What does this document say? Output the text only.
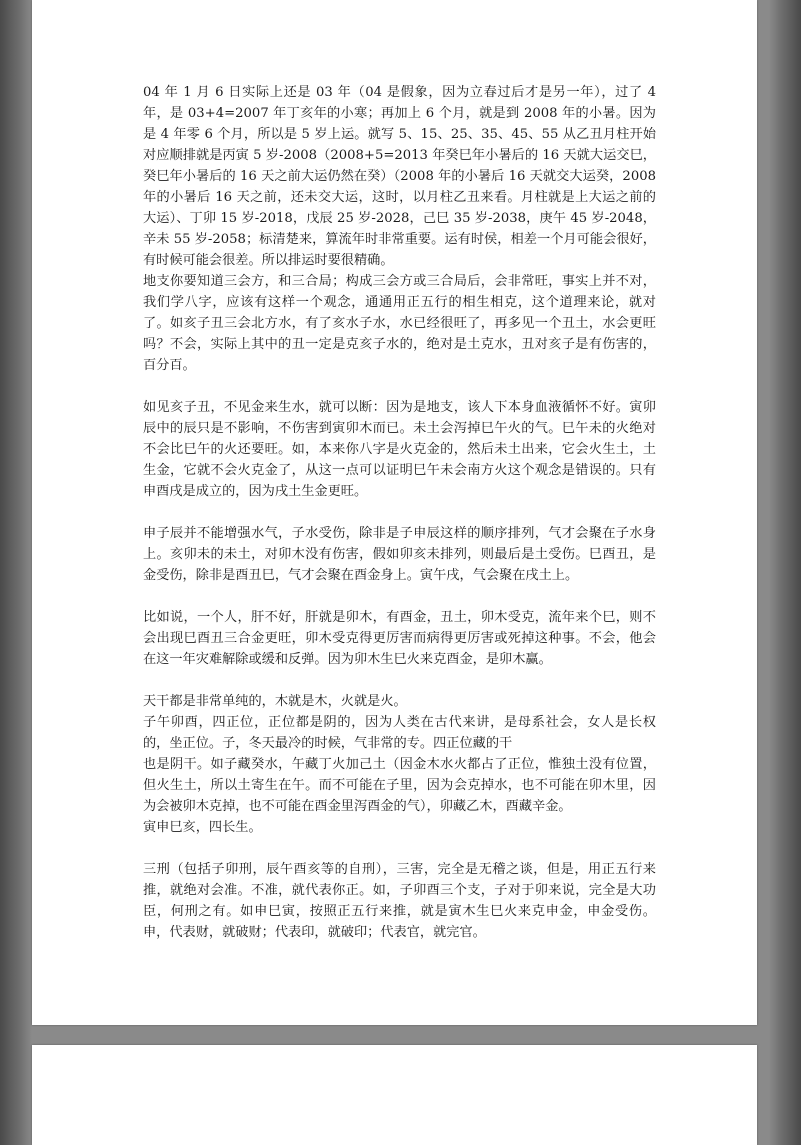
04 年 1 月 6 日实际上还是 03 年（04 是假象，因为立春过后才是另一年），过了 4 年，是 03+4=2007 年丁亥年的小寒；再加上 6 个月，就是到 2008 年的小暑。因为是 4 年零 6 个月，所以是 5 岁上运。就写 5、15、25、35、45、55 从乙丑月柱开始对应顺排就是丙寅 5 岁-2008（2008+5=2013 年癸巳年小暑后的 16 天就大运交巳，癸巳年小暑后的 16 天之前大运仍然在癸）（2008 年的小暑后 16 天就交大运癸，2008 年的小暑后 16 天之前，还未交大运，这时，以月柱乙丑来看。月柱就是上大运之前的大运）、丁卯 15 岁-2018，戊辰 25 岁-2028，己巳 35 岁-2038，庚午 45 岁-2048，辛未 55 岁-2058；标清楚来，算流年时非常重要。运有时侯，相差一个月可能会很好，有时候可能会很差。所以排运时要很精确。

地支你要知道三会方，和三合局；构成三会方或三合局后，会非常旺，事实上并不对，我们学八字，应该有这样一个观念，通通用正五行的相生相克，这个道理来论，就对了。如亥子丑三会北方水，有了亥水子水，水已经很旺了，再多见一个丑土，水会更旺吗？不会，实际上其中的丑一定是克亥子水的，绝对是土克水，丑对亥子是有伤害的，百分百。

如见亥子丑，不见金来生水，就可以断：因为是地支，该人下本身血液循怀不好。寅卯辰中的辰只是不影响，不伤害到寅卯木而已。未土会泻掉巳午火的气。巳午未的火绝对不会比巳午的火还要旺。如，本来你八字是火克金的，然后未土出来，它会火生土，土生金，它就不会火克金了，从这一点可以证明巳午未会南方火这个观念是错误的。只有申酉戌是成立的，因为戌土生金更旺。

申子辰并不能增强水气，子水受伤，除非是子申辰这样的顺序排列，气才会聚在子水身上。亥卯未的未土，对卯木没有伤害，假如卯亥未排列，则最后是土受伤。巳酉丑，是金受伤，除非是酉丑巳，气才会聚在酉金身上。寅午戌，气会聚在戌土上。

比如说，一个人，肝不好，肝就是卯木，有酉金，丑土，卯木受克，流年来个巳，则不会出现巳酉丑三合金更旺，卯木受克得更厉害而病得更厉害或死掉这种事。不会，他会在这一年灾难解除或缓和反弹。因为卯木生巳火来克酉金，是卯木赢。

天干都是非常单纯的，木就是木，火就是火。

子午卯酉，四正位，正位都是阴的，因为人类在古代来讲，是母系社会，女人是长权的，坐正位。子，冬天最冷的时候，气非常的专。四正位藏的干

也是阴干。如子藏癸水，午藏丁火加己土（因金木水火都占了正位，惟独土没有位置，但火生土，所以土寄生在午。而不可能在子里，因为会克掉水，也不可能在卯木里，因为会被卯木克掉，也不可能在酉金里泻酉金的气），卯藏乙木，酉藏辛金。

寅申巳亥，四长生。

三刑（包括子卯刑，辰午酉亥等的自刑），三害，完全是无稽之谈，但是，用正五行来推，就绝对会准。不准，就代表你正。如，子卯酉三个支，子对于卯来说，完全是大功臣，何刑之有。如申巳寅，按照正五行来推，就是寅木生巳火来克申金，申金受伤。申，代表财，就破财；代表印，就破印；代表官，就完官。
